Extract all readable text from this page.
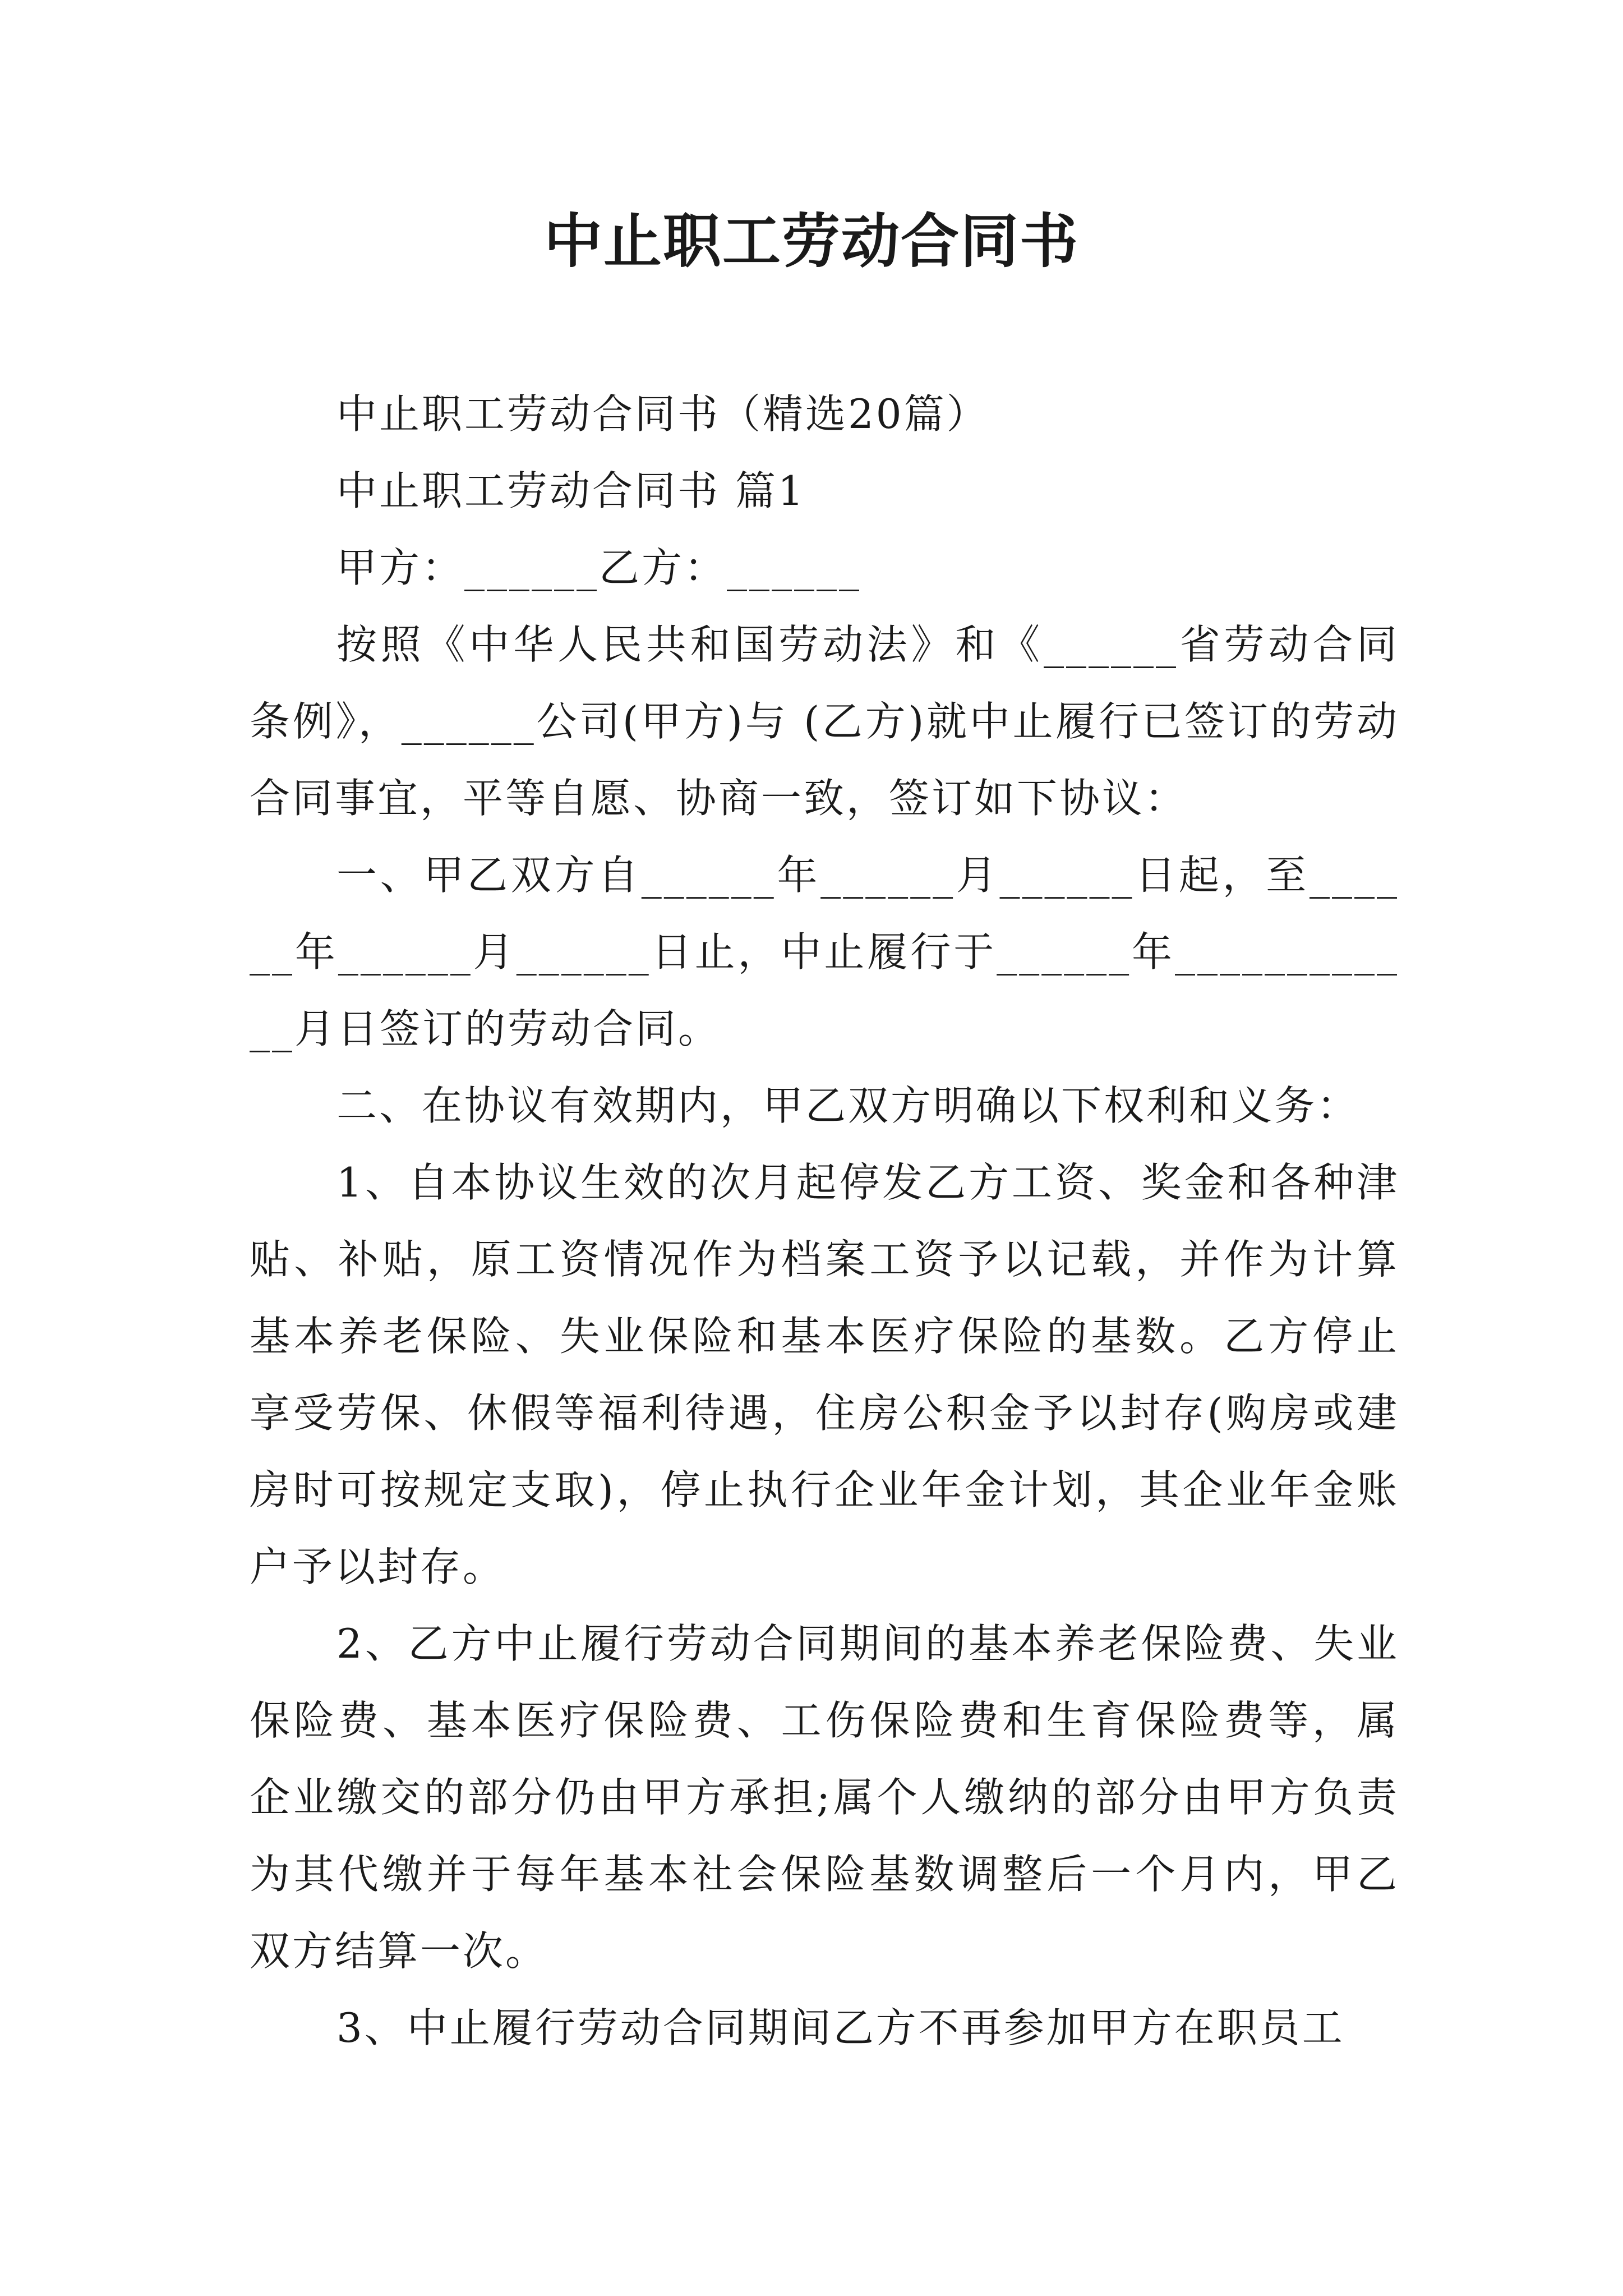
中止职工劳动合同书

中止职工劳动合同书（精选20篇）

中止职工劳动合同书 篇1

甲方：______乙方：______

按照《中华人民共和国劳动法》和《______省劳动合同条例》，______公司(甲方)与 (乙方)就中止履行已签订的劳动合同事宜，平等自愿、协商一致，签订如下协议：

一、甲乙双方自______年______月______日起，至______年______月______日止，中止履行于______年____________月日签订的劳动合同。

二、在协议有效期内，甲乙双方明确以下权利和义务：

1、自本协议生效的次月起停发乙方工资、奖金和各种津贴、补贴，原工资情况作为档案工资予以记载，并作为计算基本养老保险、失业保险和基本医疗保险的基数。乙方停止享受劳保、休假等福利待遇，住房公积金予以封存(购房或建房时可按规定支取)，停止执行企业年金计划，其企业年金账户予以封存。

2、乙方中止履行劳动合同期间的基本养老保险费、失业保险费、基本医疗保险费、工伤保险费和生育保险费等，属企业缴交的部分仍由甲方承担;属个人缴纳的部分由甲方负责为其代缴并于每年基本社会保险基数调整后一个月内，甲乙双方结算一次。

3、中止履行劳动合同期间乙方不再参加甲方在职员工
